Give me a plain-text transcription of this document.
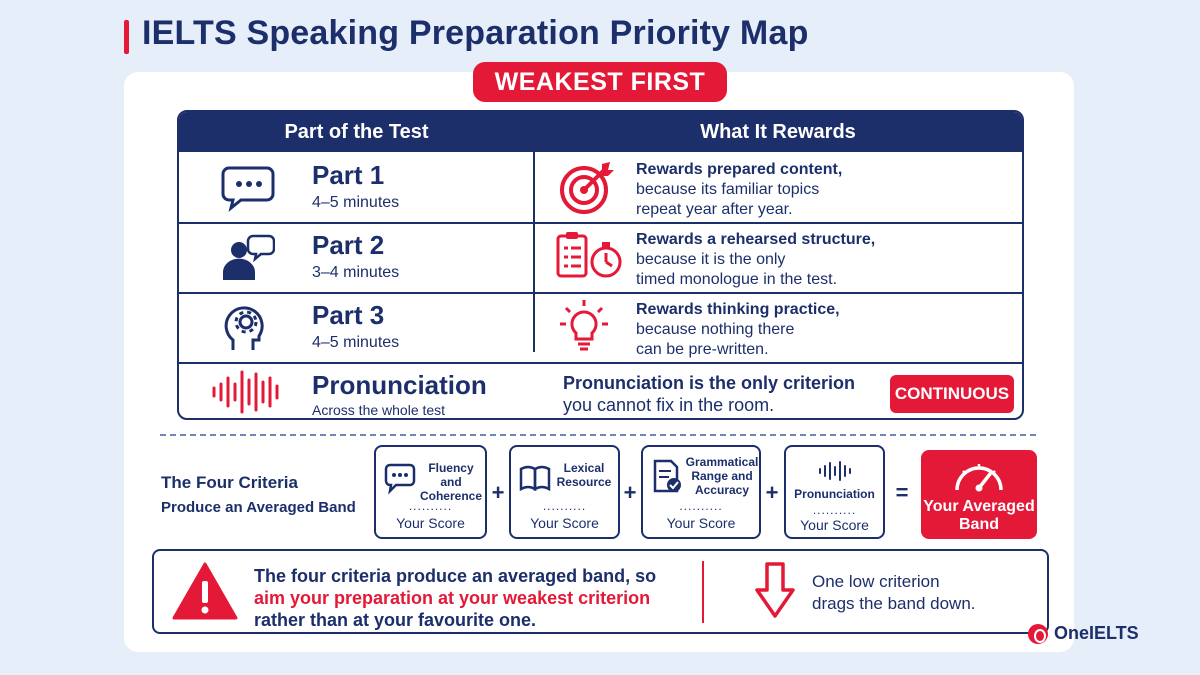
IELTS Speaking Preparation Priority Map
WEAKEST FIRST
Part of the Test	What It Rewards
Part 1
4–5 minutes
Rewards prepared content,
because its familiar topics
repeat year after year.
Part 2
3–4 minutes
Rewards a rehearsed structure,
because it is the only
timed monologue in the test.
Part 3
4–5 minutes
Rewards thinking practice,
because nothing there
can be pre-written.
Pronunciation
Across the whole test
Pronunciation is the only criterion
you cannot fix in the room.
CONTINUOUS
The Four Criteria
Produce an Averaged Band
Fluency and
Coherence
..........
Your Score
+
Lexical
Resource
..........
Your Score
+
Grammatical
Range and
Accuracy
..........
Your Score
+	Pronunciation
..........
Your Score
=
Your Averaged
Band
The four criteria produce an averaged band, so
aim your preparation at your weakest criterion
rather than at your favourite one.
One low criterion
drags the band down.
OneIELTS
